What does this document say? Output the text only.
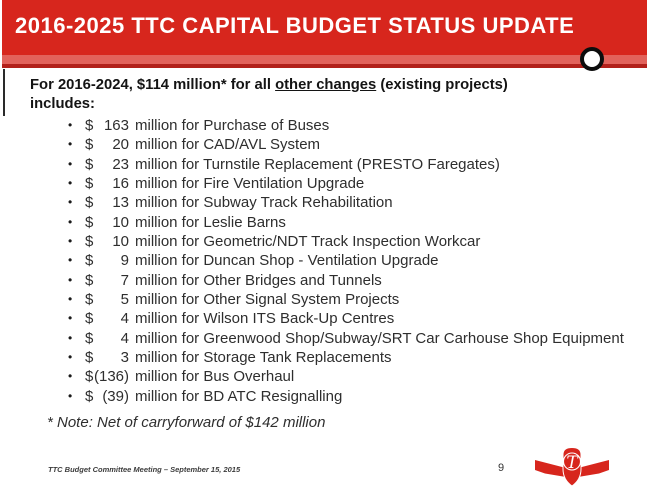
2016-2025 TTC CAPITAL BUDGET STATUS UPDATE
For 2016-2024, $114 million* for all other changes (existing projects)
includes:
• $ 163 million for Purchase of Buses
• $	20 million for CAD/AVL System
• $	23 million for Turnstile Replacement (PRESTO Faregates)
• $	16 million for Fire Ventilation Upgrade
• $	13 million for Subway Track Rehabilitation
• $	10 million for Leslie Barns
• $	10 million for Geometric/NDT Track Inspection Workcar
• $	9 million for Duncan Shop - Ventilation Upgrade
• $	7 million for Other Bridges and Tunnels
• $	5 million for Other Signal System Projects
• $	4 million for Wilson ITS Back-Up Centres
• $	4 million for Greenwood Shop/Subway/SRT Car Carhouse Shop Equipment
• $	3 million for Storage Tank Replacements
• $ (136) million for Bus Overhaul
• $ (39) million for BD ATC Resignalling
* Note: Net of carryforward of $142 million
TTC Budget Committee Meeting – September 15, 2015	9	T
